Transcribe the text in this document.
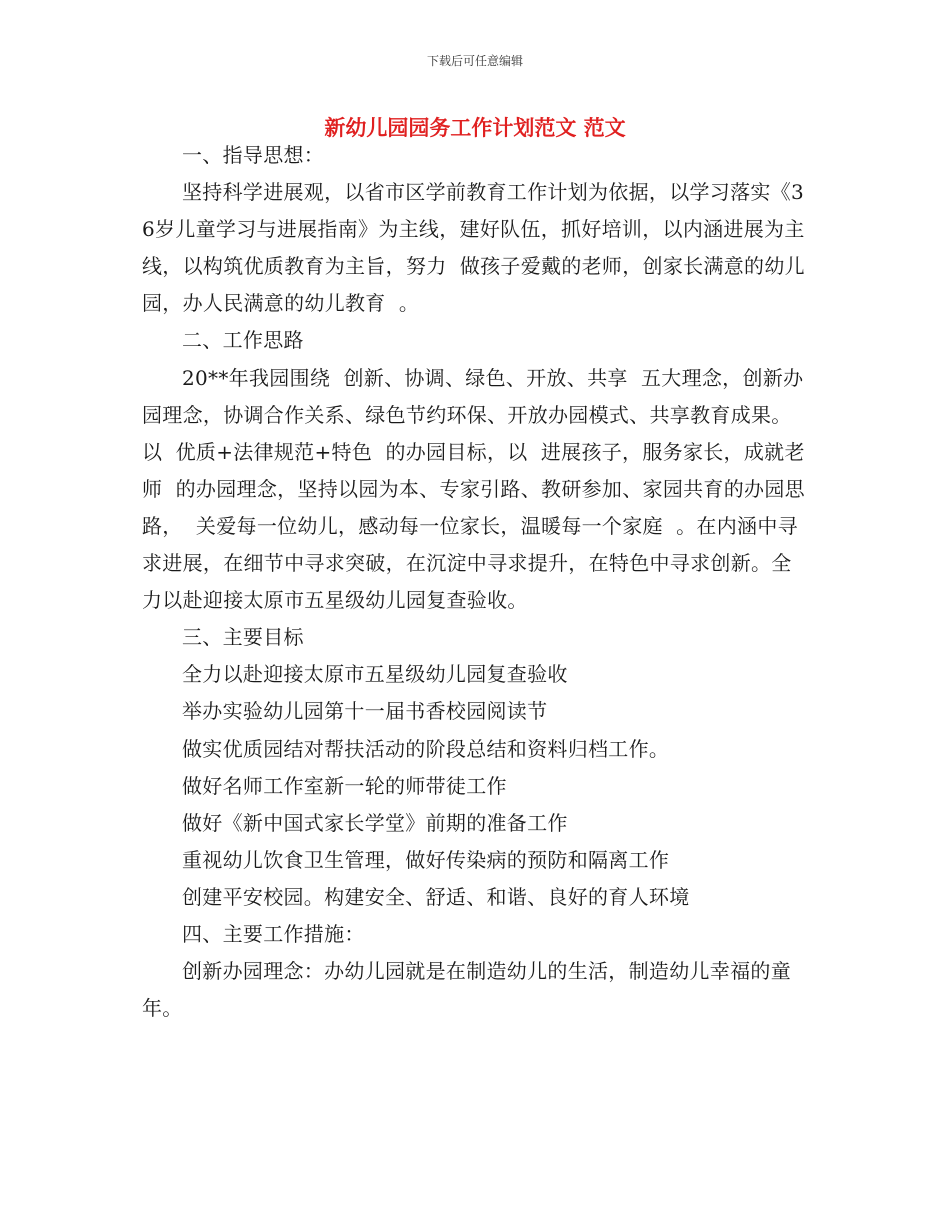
下载后可任意编辑
新幼儿园园务工作计划范文 范文

一、指导思想：

坚持科学进展观，以省市区学前教育工作计划为依据，以学习落实《3 6岁儿童学习与进展指南》为主线，建好队伍，抓好培训，以内涵进展为主线，以构筑优质教育为主旨，努力  做孩子爱戴的老师，创家长满意的幼儿园，办人民满意的幼儿教育  。

二、工作思路

20**年我园围绕  创新、协调、绿色、开放、共享  五大理念，创新办园理念，协调合作关系、绿色节约环保、开放办园模式、共享教育成果。以  优质+法律规范+特色  的办园目标，以  进展孩子，服务家长，成就老师  的办园理念，坚持以园为本、专家引路、教研参加、家园共育的办园思路，  关爱每一位幼儿，感动每一位家长，温暖每一个家庭  。在内涵中寻求进展，在细节中寻求突破，在沉淀中寻求提升，在特色中寻求创新。全力以赴迎接太原市五星级幼儿园复查验收。

三、主要目标

全力以赴迎接太原市五星级幼儿园复查验收

举办实验幼儿园第十一届书香校园阅读节

做实优质园结对帮扶活动的阶段总结和资料归档工作。

做好名师工作室新一轮的师带徒工作

做好《新中国式家长学堂》前期的准备工作

重视幼儿饮食卫生管理，做好传染病的预防和隔离工作

创建平安校园。构建安全、舒适、和谐、良好的育人环境

四、主要工作措施：

创新办园理念：办幼儿园就是在制造幼儿的生活，制造幼儿幸福的童年。
